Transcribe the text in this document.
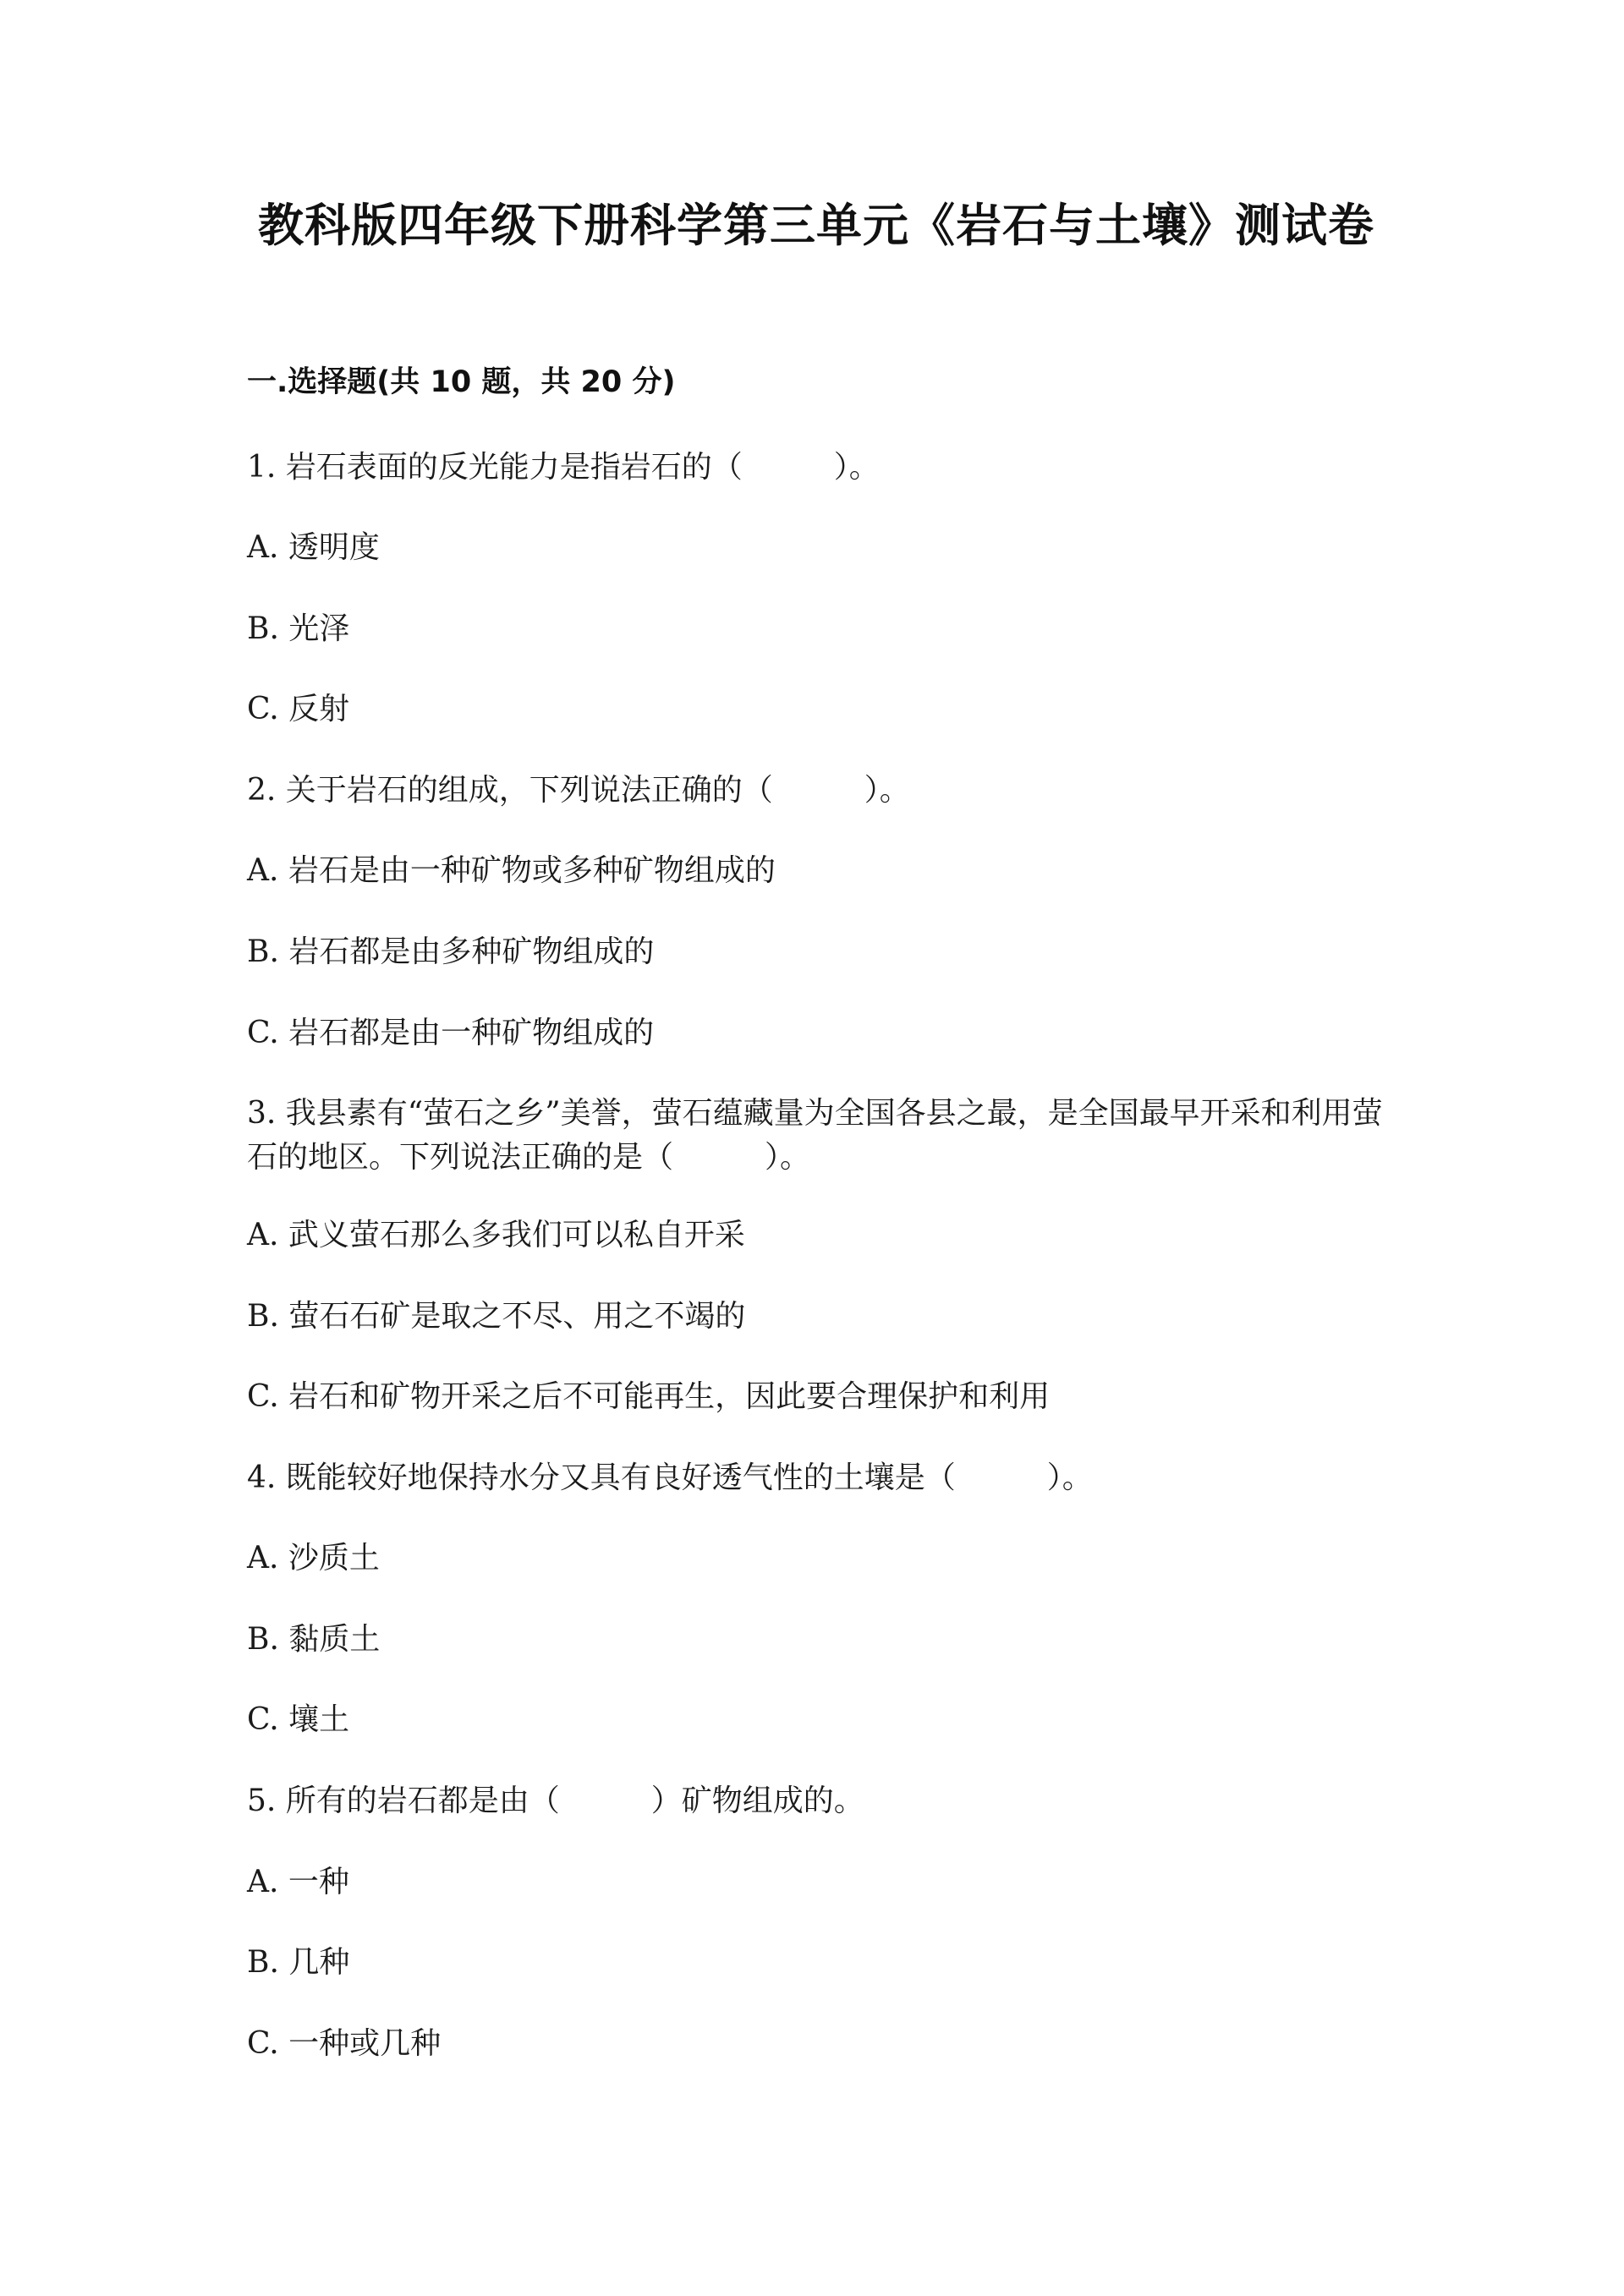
教科版四年级下册科学第三单元《岩石与土壤》测试卷
一.选择题(共 10 题，共 20 分)
1. 岩石表面的反光能力是指岩石的（　　　）。
A. 透明度
B. 光泽
C. 反射
2. 关于岩石的组成，下列说法正确的（　　　）。
A. 岩石是由一种矿物或多种矿物组成的
B. 岩石都是由多种矿物组成的
C. 岩石都是由一种矿物组成的
3. 我县素有“萤石之乡”美誉，萤石蕴藏量为全国各县之最，是全国最早开采和利用萤石的地区。下列说法正确的是（　　　）。
A. 武义萤石那么多我们可以私自开采
B. 萤石石矿是取之不尽、用之不竭的
C. 岩石和矿物开采之后不可能再生，因此要合理保护和利用
4. 既能较好地保持水分又具有良好透气性的土壤是（　　　）。
A. 沙质土
B. 黏质土
C. 壤土
5. 所有的岩石都是由（　　　）矿物组成的。
A. 一种
B. 几种
C. 一种或几种
